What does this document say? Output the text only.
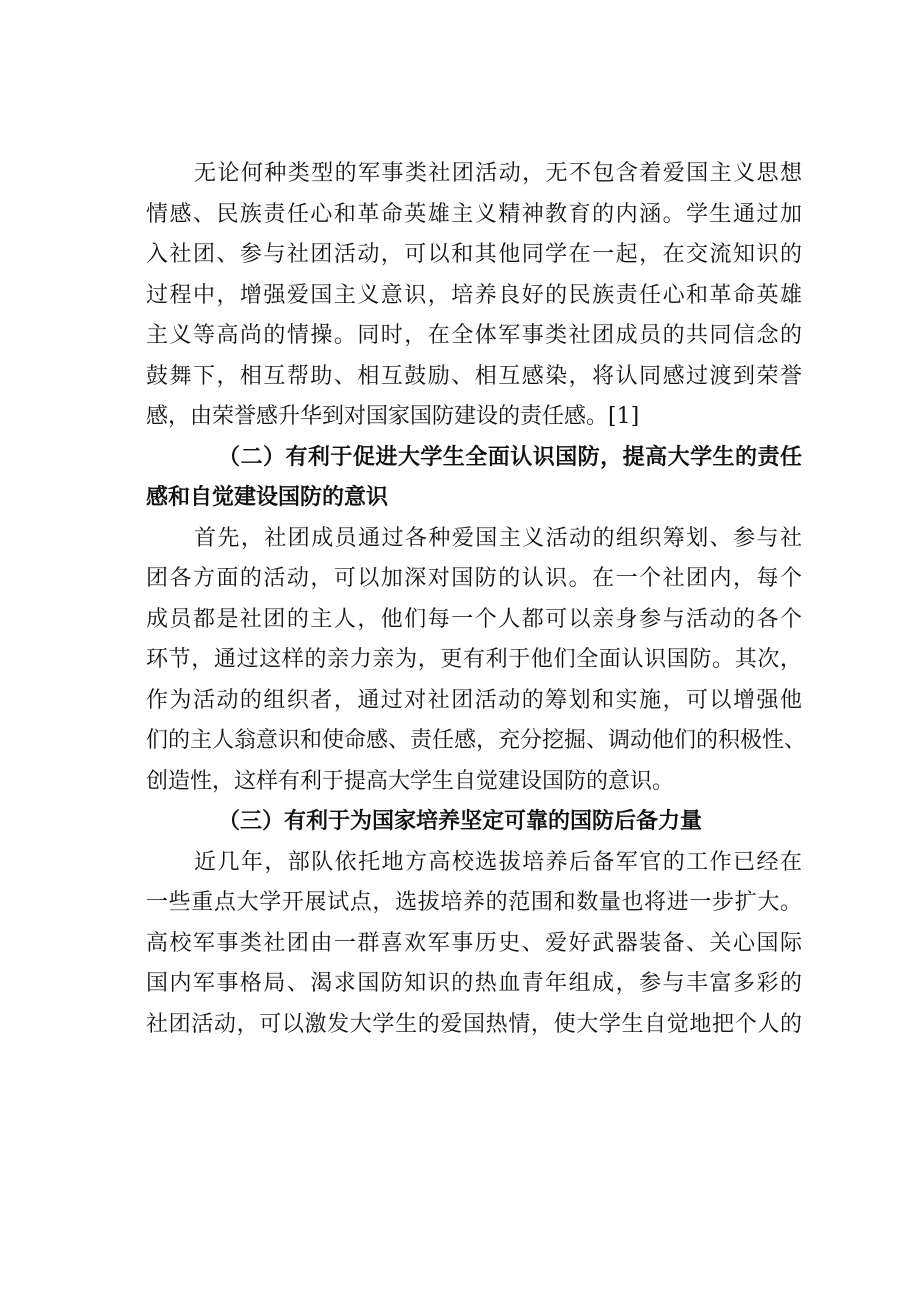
无论何种类型的军事类社团活动，无不包含着爱国主义思想
情感、民族责任心和革命英雄主义精神教育的内涵。学生通过加
入社团、参与社团活动，可以和其他同学在一起，在交流知识的
过程中，增强爱国主义意识，培养良好的民族责任心和革命英雄
主义等高尚的情操。同时，在全体军事类社团成员的共同信念的
鼓舞下，相互帮助、相互鼓励、相互感染，将认同感过渡到荣誉
感，由荣誉感升华到对国家国防建设的责任感。[1]
（二）有利于促进大学生全面认识国防，提高大学生的责任
感和自觉建设国防的意识
首先，社团成员通过各种爱国主义活动的组织筹划、参与社
团各方面的活动，可以加深对国防的认识。在一个社团内，每个
成员都是社团的主人，他们每一个人都可以亲身参与活动的各个
环节，通过这样的亲力亲为，更有利于他们全面认识国防。其次，
作为活动的组织者，通过对社团活动的筹划和实施，可以增强他
们的主人翁意识和使命感、责任感，充分挖掘、调动他们的积极性、
创造性，这样有利于提高大学生自觉建设国防的意识。
（三）有利于为国家培养坚定可靠的国防后备力量
近几年，部队依托地方高校选拔培养后备军官的工作已经在
一些重点大学开展试点，选拔培养的范围和数量也将进一步扩大。
高校军事类社团由一群喜欢军事历史、爱好武器装备、关心国际
国内军事格局、渴求国防知识的热血青年组成，参与丰富多彩的
社团活动，可以激发大学生的爱国热情，使大学生自觉地把个人的
